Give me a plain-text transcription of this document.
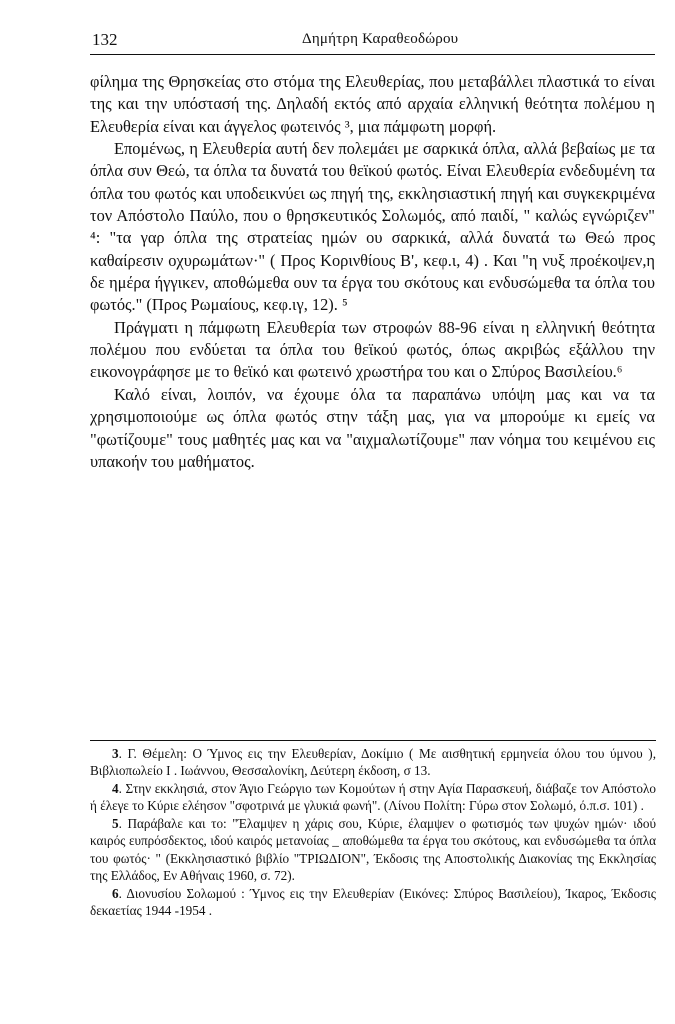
132	Δημήτρη Καραθεοδώρου

φίλημα της Θρησκείας στο στόμα της Ελευθερίας, που μεταβάλλει πλαστικά το είναι της και την υπόστασή της. Δηλαδή εκτός από αρχαία ελληνική θεότητα πολέμου η Ελευθερία είναι και άγγελος φωτεινός ³, μια πάμφωτη μορφή.

Επομένως, η Ελευθερία αυτή δεν πολεμάει με σαρκικά όπλα, αλλά βεβαίως με τα όπλα συν Θεώ, τα όπλα τα δυνατά του θεϊκού φωτός. Είναι Ελευθερία ενδεδυμένη τα όπλα του φωτός και υποδεικνύει ως πηγή της, εκκλησιαστική πηγή και συγκεκριμένα τον Απόστολο Παύλο, που ο θρησκευτικός Σολωμός, από παιδί, " καλώς εγνώριζεν" ⁴: "τα γαρ όπλα της στρατείας ημών ου σαρκικά, αλλά δυνατά τω Θεώ προς καθαίρεσιν οχυρωμάτων·" ( Προς Κορινθίους Β', κεφ.ι, 4) . Και "η νυξ προέκοψεν,η δε ημέρα ήγγικεν, αποθώμεθα ουν τα έργα του σκότους και ενδυσώμεθα τα όπλα του φωτός." (Προς Ρωμαίους, κεφ.ιγ, 12). ⁵

Πράγματι η πάμφωτη Ελευθερία των στροφών 88-96 είναι η ελληνική θεότητα πολέμου που ενδύεται τα όπλα του θεϊκού φωτός, όπως ακριβώς εξάλλου την εικονογράφησε με το θεϊκό και φωτεινό χρωστήρα του και ο Σπύρος Βασιλείου.⁶

Καλό είναι, λοιπόν, να έχουμε όλα τα παραπάνω υπόψη μας και να τα χρησιμοποιούμε ως όπλα φωτός στην τάξη μας, για να μπορούμε κι εμείς να "φωτίζουμε" τους μαθητές μας και να "αιχμαλωτίζουμε" παν νόημα του κειμένου εις υπακοήν του μαθήματος.

3. Γ. Θέμελη: Ο Ύμνος εις την Ελευθερίαν, Δοκίμιο ( Με αισθητική ερμηνεία όλου του ύμνου ), Βιβλιοπωλείο Ι . Ιωάννου, Θεσσαλονίκη, Δεύτερη έκδοση, σ 13.

4. Στην εκκλησιά, στον Άγιο Γεώργιο των Κομούτων ή στην Αγία Παρασκευή, διάβαζε τον Απόστολο ή έλεγε το Κύριε ελέησον "σφοτρινά με γλυκιά φωνή". (Λίνου Πολίτη: Γύρω στον Σολωμό, ό.π.σ. 101) .

5. Παράβαλε και το: "Έλαμψεν η χάρις σου, Κύριε, έλαμψεν ο φωτισμός των ψυχών ημών· ιδού καιρός ευπρόσδεκτος, ιδού καιρός μετανοίας _ αποθώμεθα τα έργα του σκότους, και ενδυσώμεθα τα όπλα του φωτός· " (Εκκλησιαστικό βιβλίο "ΤΡΙΩΔΙΟΝ", Έκδοσις της Αποστολικής Διακονίας της Εκκλησίας της Ελλάδος, Εν Αθήναις 1960, σ. 72).

6. Διονυσίου Σολωμού : Ύμνος εις την Ελευθερίαν (Εικόνες: Σπύρος Βασιλείου), Ίκαρος, Έκδοσις δεκαετίας 1944 -1954 .
